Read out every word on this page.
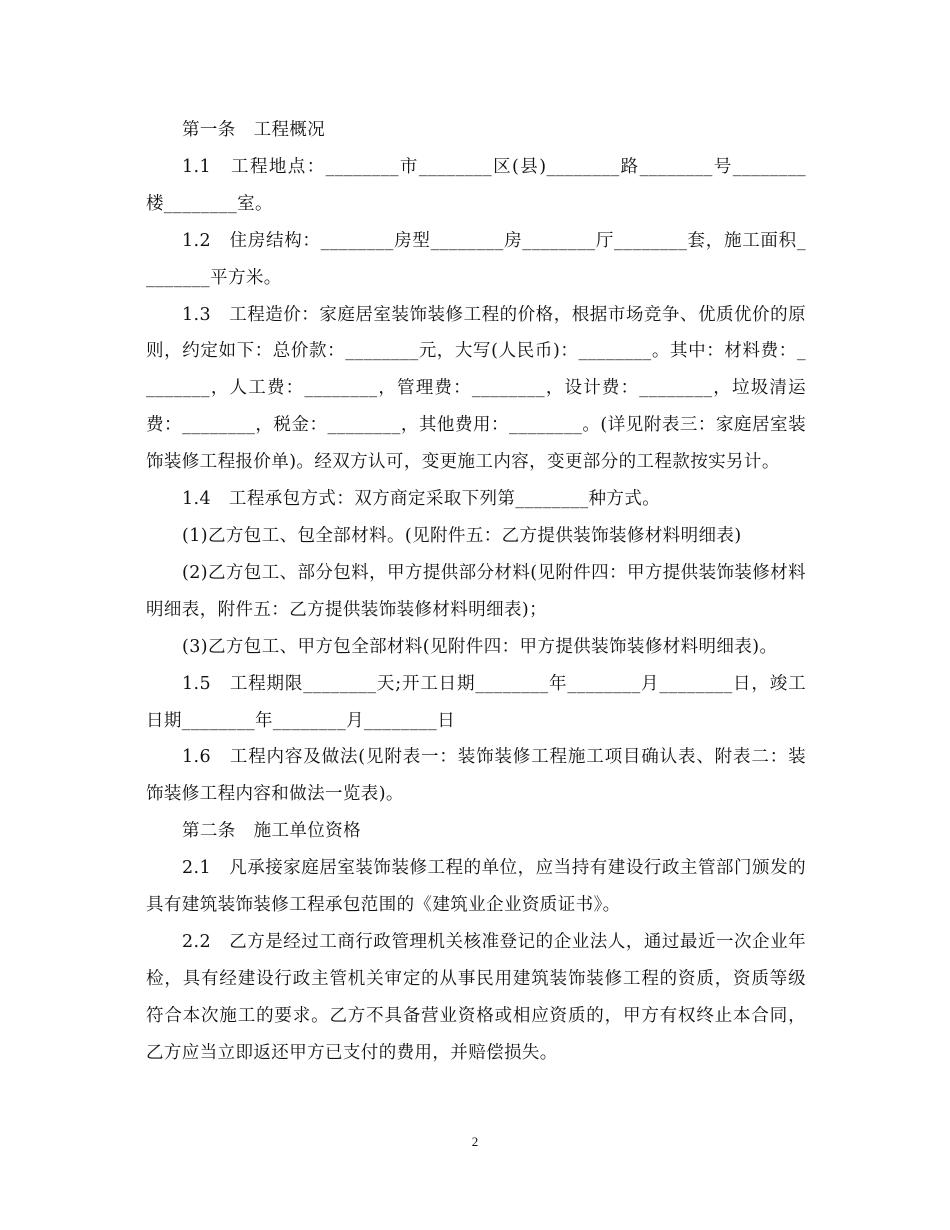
第一条　工程概况

1.1　工程地点：________市________区(县)________路________号________楼________室。

1.2　住房结构：________房型________房________厅________套，施工面积________平方米。

1.3　工程造价：家庭居室装饰装修工程的价格，根据市场竞争、优质优价的原则，约定如下：总价款：________元，大写(人民币)：________。其中：材料费：________，人工费：________，管理费：________，设计费：________，垃圾清运费：________，税金：________，其他费用：________。(详见附表三：家庭居室装饰装修工程报价单)。经双方认可，变更施工内容，变更部分的工程款按实另计。

1.4　工程承包方式：双方商定采取下列第________种方式。

(1)乙方包工、包全部材料。(见附件五：乙方提供装饰装修材料明细表)

(2)乙方包工、部分包料，甲方提供部分材料(见附件四：甲方提供装饰装修材料明细表，附件五：乙方提供装饰装修材料明细表)；

(3)乙方包工、甲方包全部材料(见附件四：甲方提供装饰装修材料明细表)。

1.5　工程期限________天;开工日期________年________月________日，竣工日期________年________月________日

1.6　工程内容及做法(见附表一：装饰装修工程施工项目确认表、附表二：装饰装修工程内容和做法一览表)。

第二条　施工单位资格

2.1　凡承接家庭居室装饰装修工程的单位，应当持有建设行政主管部门颁发的具有建筑装饰装修工程承包范围的《建筑业企业资质证书》。

2.2　乙方是经过工商行政管理机关核准登记的企业法人，通过最近一次企业年检，具有经建设行政主管机关审定的从事民用建筑装饰装修工程的资质，资质等级符合本次施工的要求。乙方不具备营业资格或相应资质的，甲方有权终止本合同，乙方应当立即返还甲方已支付的费用，并赔偿损失。

2
